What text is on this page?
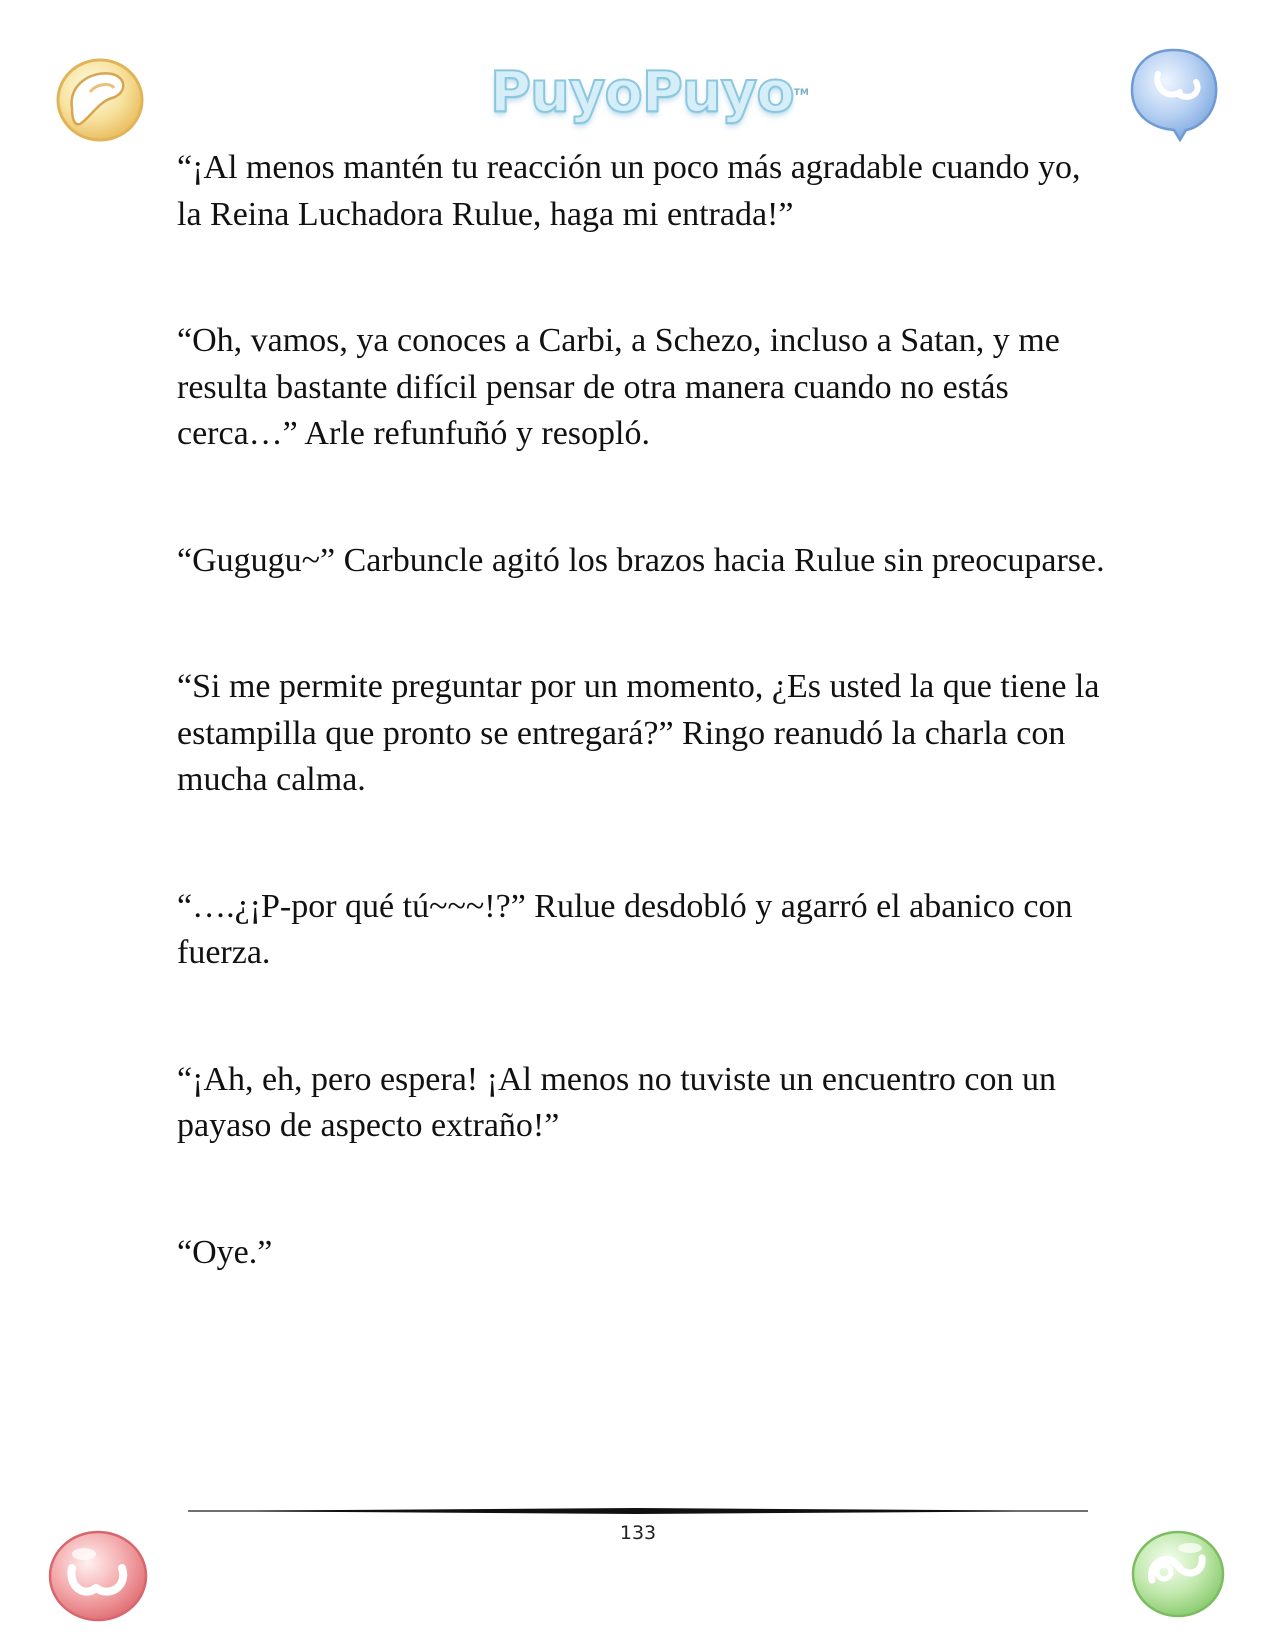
PuyoPuyoTM

“¡Al menos mantén tu reacción un poco más agradable cuando yo, la Reina Luchadora Rulue, haga mi entrada!”

“Oh, vamos, ya conoces a Carbi, a Schezo, incluso a Satan, y me resulta bastante difícil pensar de otra manera cuando no estás cerca…” Arle refunfuñó y resopló.

“Gugugu~” Carbuncle agitó los brazos hacia Rulue sin preocuparse.

“Si me permite preguntar por un momento, ¿Es usted la que tiene la estampilla que pronto se entregará?” Ringo reanudó la charla con mucha calma.

“….¿¡P-por qué tú~~~!?” Rulue desdobló y agarró el abanico con fuerza.

“¡Ah, eh, pero espera! ¡Al menos no tuviste un encuentro con un payaso de aspecto extraño!”

“Oye.”

133
